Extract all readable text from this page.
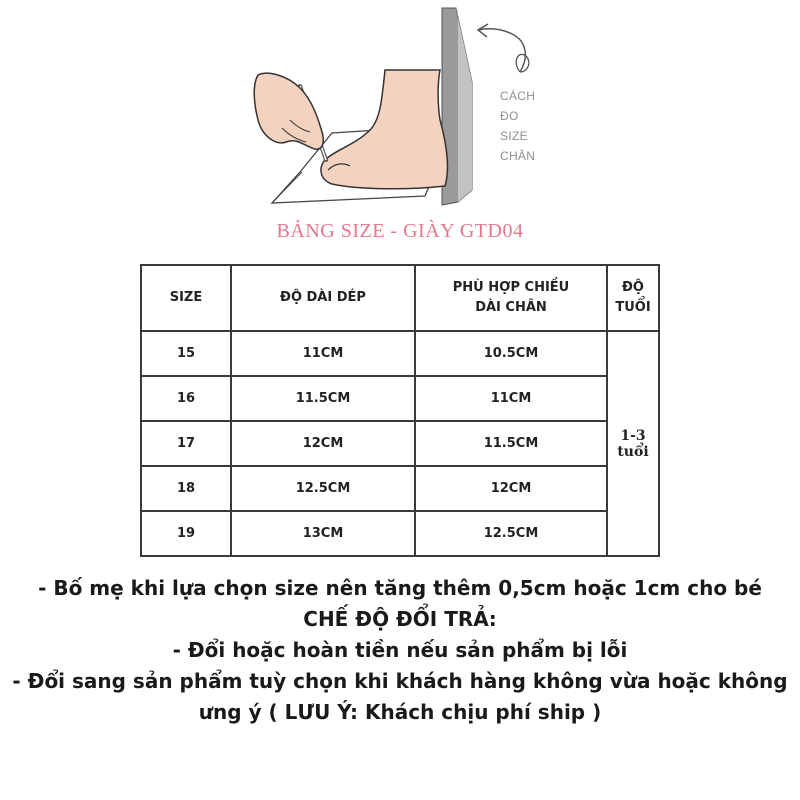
CÁCH
ĐO
SIZE
CHÂN
BẢNG SIZE - GIÀY GTD04
SIZE	ĐỘ DÀI DÉP	PHÙ HỢP CHIỀU
DÀI CHÂN	ĐỘ TUỔI
15	11CM	10.5CM	1-3 tuổi
16	11.5CM	11CM	
17	12CM	11.5CM	
18	12.5CM	12CM	
19	13CM	12.5CM	

- Bố mẹ khi lựa chọn size nên tăng thêm 0,5cm hoặc 1cm cho bé

CHẾ ĐỘ ĐỔI TRẢ:

- Đổi hoặc hoàn tiền nếu sản phẩm bị lỗi

- Đổi sang sản phẩm tuỳ chọn khi khách hàng không vừa hoặc không ưng ý ( LƯU Ý: Khách chịu phí ship )
